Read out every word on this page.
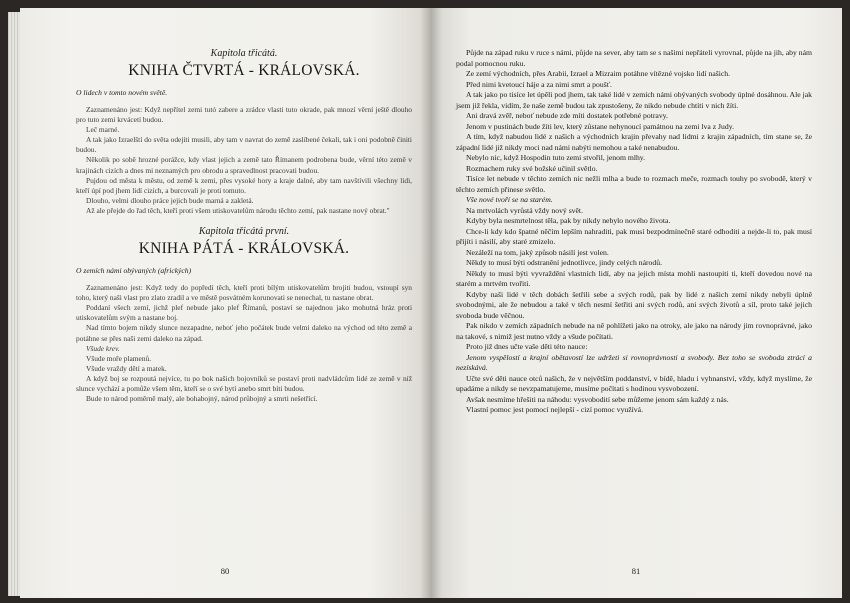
Kapitola třicátá.
KNIHA ČTVRTÁ - KRÁLOVSKÁ.
O lidech v tomto novém světě.

Zaznamenáno jest: Když nepřítel zemi tutó zabere a zrádce vlasti tuto okrade, pak mnozí věrní ještě dlouho pro tuto zemi krvácetí budou.

Leč marné.

A tak jako Izraelští do světa odejíti musili, aby tam v navrat do země zaslíbené čekali, tak i oni podobně činiti budou.

Několik po sobě hrozné porážce, kdy vlast jejich a země tato Římanem podrobena bude, věrní této země v krajinách cizích a dnes mi neznamých pro obrodu a spravedlnost pracovati budou.

Pujdou od města k městu, od země k zemi, přes vysoké hory a kraje dalné, aby tam navštívili všechny lidi, kteří úpí pod jhem lidí cizích, a burcovali je proti tomuto.

Dlouho, velmi dlouho práce jejich bude marná a zakletá.

Až ale přejde do řad těch, kteří proti všem utiskovatelům národu těchto zemí, pak nastane nový obrat."

Kapitola třicátá první.
KNIHA PÁTÁ - KRÁLOVSKÁ.
O zemích námi obývaných (afrických)

Zaznamenáno jest: Když tedy do popředí těch, kteří proti bílým utiskovatelům brojiti budou, vstoupí syn toho, který naši vlast pro zlato zradil a ve městě posvátném korunovati se nenechal, tu nastane obrat.

Poddaní všech zemí, jichž plef nebude jako plef Římanů, postaví se najednou jako mohutná hráz proti utiskovatelům svým a nastane boj.

Nad tímto bojem nikdy slunce nezapadne, neboť jeho počátek bude velmi daleko na východ od této země a potáhne se přes naši zemi daleko na západ.

Všude krev.

Všude moře plamenů.

Všude vraždy dětí a matek.

A když boj se rozpoutá nejvíce, tu po bok našich bojovníků se postaví proti nadvládcům lidé ze země v níž slunce vychází a pomůže všem těm, kteří se o své bytí anebo smrt bíti budou.

Bude to národ poměrně malý, ale bohabojný, národ průbojný a smrti nešetřící.

80

Půjde na západ ruku v ruce s námi, půjde na sever, aby tam se s našimi nepřáteli vyrovnal, půjde na jih, aby nám podal pomocnou ruku.

Ze zemí východních, přes Arabii, Izrael a Mizraim potáhne vítězné vojsko lidí našich.

Před nimi kvetoucí háje a za nimi smrt a poušť.

A tak jako po tisíce let úpěli pod jhem, tak také lidé v zemích námi obývaných svobody úplné dosáhnou. Ale jak jsem již řekla, vidím, že naše země budou tak zpustošeny, že nikdo nebude chtíti v nich žíti.

Ani dravá zvěř, neboť nebude zde míti dostatek potřebné potravy.

Jenom v pustinách bude žíti lev, který zůstane nehynoucí památnou na zemi lva z Judy.

A tím, když nabudou lidé z našich a východních krajin převahy nad lidmi z krajin západních, tím stane se, že západní lidé již nikdy moci nad námi nabýti nemohou a také nenabudou.

Nebylo nic, když Hospodin tuto zemi stvořil, jenom mlhy.

Rozmachem ruky své božské učinil světlo.

Tisíce let nebude v těchto zemích nic nežli mlha a bude to rozmach meče, rozmach touhy po svobodě, který v těchto zemích přinese světlo.

Vše nové tvoří se na starém.

Na mrtvolách vyrůstá vždy nový svět.

Kdyby byla nesmrtelnost těla, pak by nikdy nebylo nového života.

Chce-li kdy kdo špatné něčím lepším nahraditi, pak musí bezpodmínečně staré odhoditi a nejde-li to, pak musí přijíti i násilí, aby staré zmizelo.

Nezáleží na tom, jaký způsob násilí jest volen.

Někdy to musí býti odstranění jednotlivce, jindy celých národů.

Někdy to musí býti vyvraždění vlastních lidí, aby na jejich místa mohli nastoupiti ti, kteří dovedou nové na starém a mrtvém tvořiti.

Kdyby naši lidé v těch dobách šetřili sebe a svých rodů, pak by lidé z našich zemí nikdy nebyli úplně svobodnými, ale že nebudou a také v těch nesmí šetřiti ani svých rodů, ani svých životů a síl, proto také jejich svoboda bude věčnou.

Pak nikdo v zemích západních nebude na ně pohlížeti jako na otroky, ale jako na národy jim rovnoprávné, jako na takové, s nimiž jest nutno vždy a všude počítati.

Proto již dnes učte vaše děti této nauce:

Jenom vyspělostí a krajní obětavostí lze udržeti si rovnoprávnosti a svobody. Bez toho se svoboda ztrácí a nezískává.

Učte své děti nauce otců našich, že v největším poddanství, v bídě, hladu i vyhnanství, vždy, když myslíme, že upadáme a nikdy se nevzpamatujeme, musíme počítati s hodinou vysvobození.

Avšak nesmíme hřešiti na náhodu: vysvobodití sebe můžeme jenom sám každý z nás.

Vlastní pomoc jest pomocí nejlepší - cizí pomoc využívá.

81
